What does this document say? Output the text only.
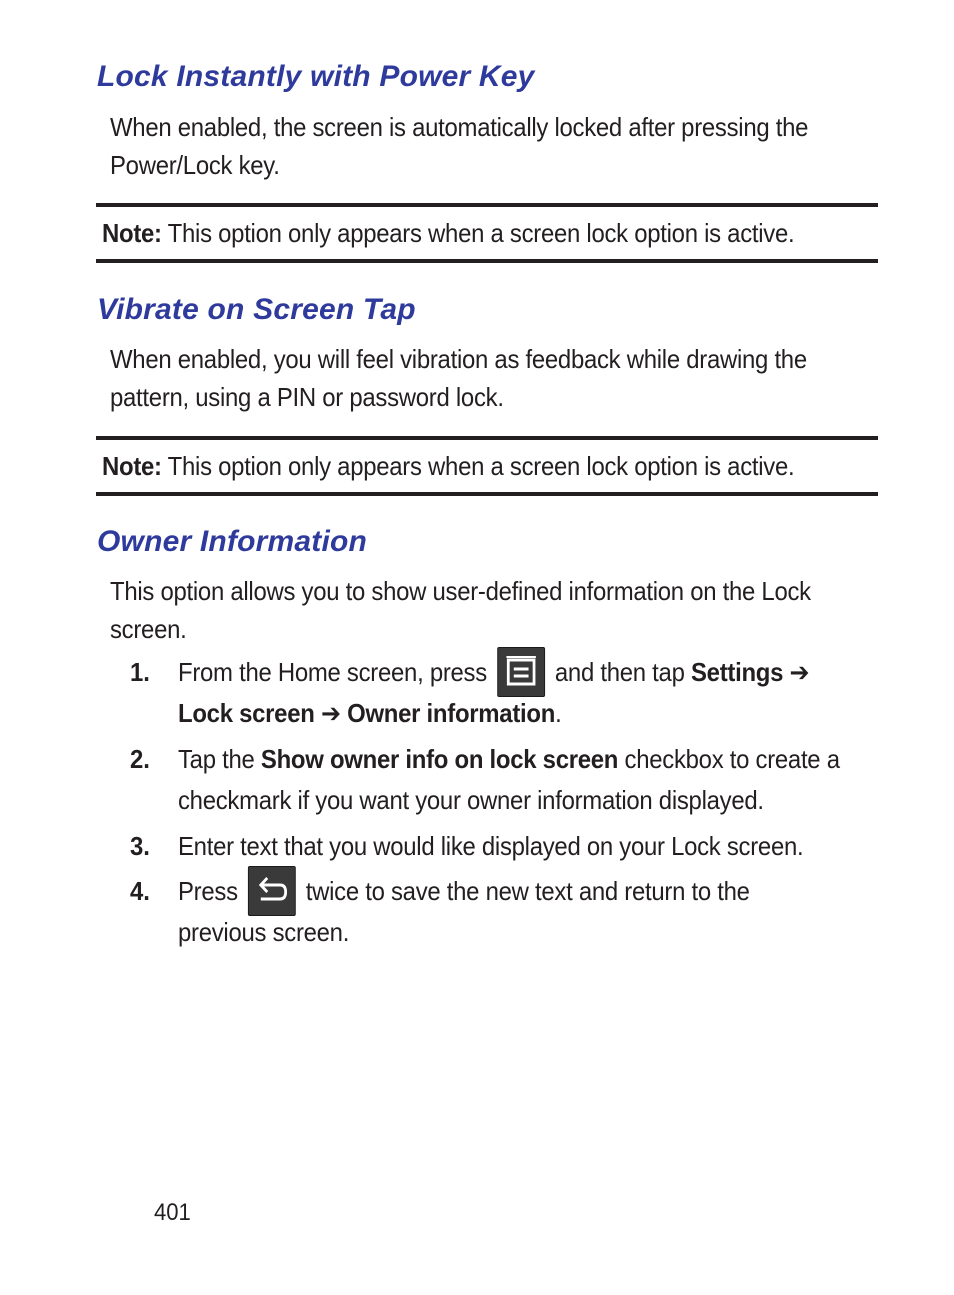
Lock Instantly with Power Key

When enabled, the screen is automatically locked after pressing the
Power/Lock key.

Note: This option only appears when a screen lock option is active.

Vibrate on Screen Tap

When enabled, you will feel vibration as feedback while drawing the
pattern, using a PIN or password lock.

Note: This option only appears when a screen lock option is active.

Owner Information

This option allows you to show user-defined information on the Lock
screen.

1. From the Home screen, press	and then tap Settings ➔
Lock screen ➔ Owner information.

2. Tap the Show owner info on lock screen checkbox to create a
checkmark if you want your owner information displayed.

3. Enter text that you would like displayed on your Lock screen.

4. Press	twice to save the new text and return to the
previous screen.

401
